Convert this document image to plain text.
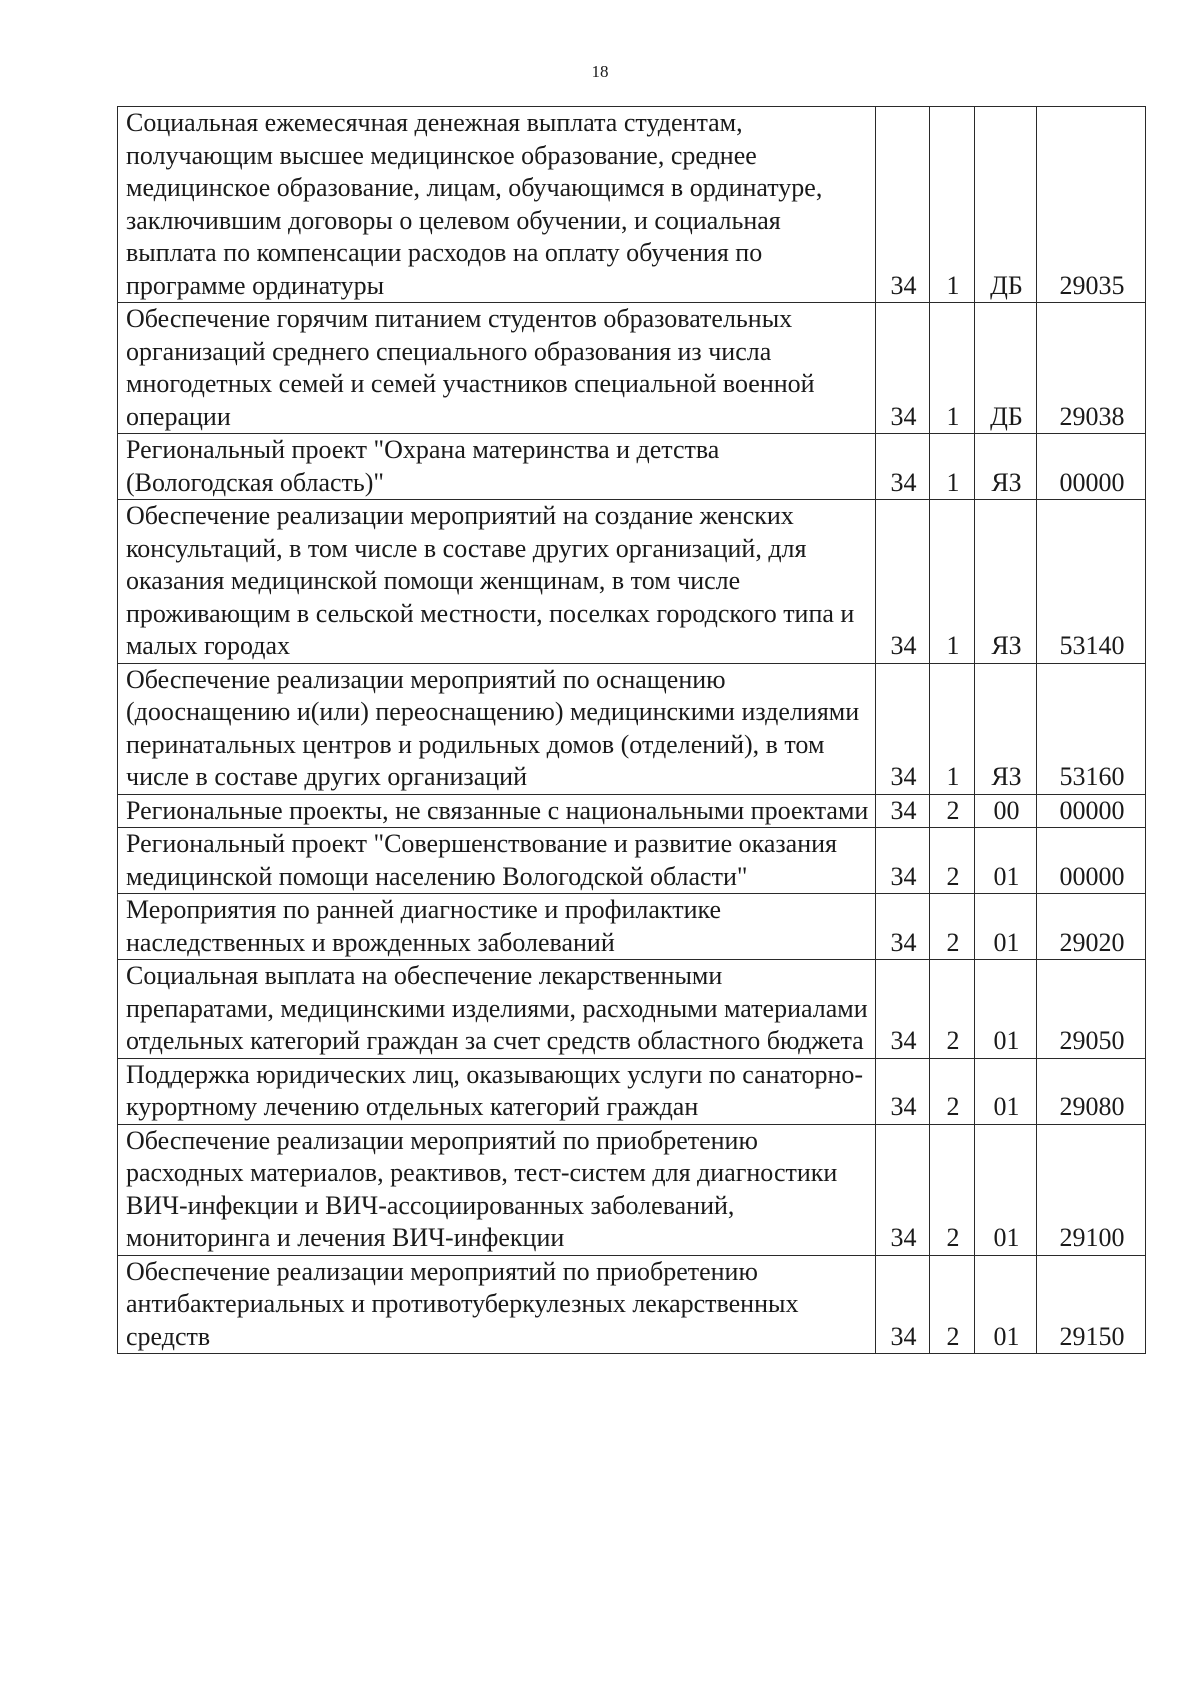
18
Социальная ежемесячная денежная выплата студентам, получающим высшее медицинское образование, среднее медицинское образование, лицам, обучающимся в ординатуре, заключившим договоры о целевом обучении, и социальная выплата по компенсации расходов на оплату обучения по программе ординатуры	34	1	ДБ	29035
Обеспечение горячим питанием студентов образовательных организаций среднего специального образования из числа многодетных семей и семей участников специальной военной операции	34	1	ДБ	29038
Региональный проект "Охрана материнства и детства (Вологодская область)"	34	1	ЯЗ	00000
Обеспечение реализации мероприятий на создание женских консультаций, в том числе в составе других организаций, для оказания медицинской помощи женщинам, в том числе проживающим в сельской местности, поселках городского типа и малых городах	34	1	ЯЗ	53140
Обеспечение реализации мероприятий по оснащению (дооснащению и(или) переоснащению) медицинскими изделиями перинатальных центров и родильных домов (отделений), в том числе в составе других организаций	34	1	ЯЗ	53160
Региональные проекты, не связанные с национальными проектами	34	2	00	00000
Региональный проект "Совершенствование и развитие оказания медицинской помощи населению Вологодской области"	34	2	01	00000
Мероприятия по ранней диагностике и профилактике наследственных и врожденных заболеваний	34	2	01	29020
Социальная выплата на обеспечение лекарственными препаратами, медицинскими изделиями, расходными материалами отдельных категорий граждан за счет средств областного бюджета	34	2	01	29050
Поддержка юридических лиц, оказывающих услуги по санаторно-курортному лечению отдельных категорий граждан	34	2	01	29080
Обеспечение реализации мероприятий по приобретению расходных материалов, реактивов, тест-систем для диагностики ВИЧ-инфекции и ВИЧ-ассоциированных заболеваний, мониторинга и лечения ВИЧ-инфекции	34	2	01	29100
Обеспечение реализации мероприятий по приобретению антибактериальных и противотуберкулезных лекарственных средств	34	2	01	29150
